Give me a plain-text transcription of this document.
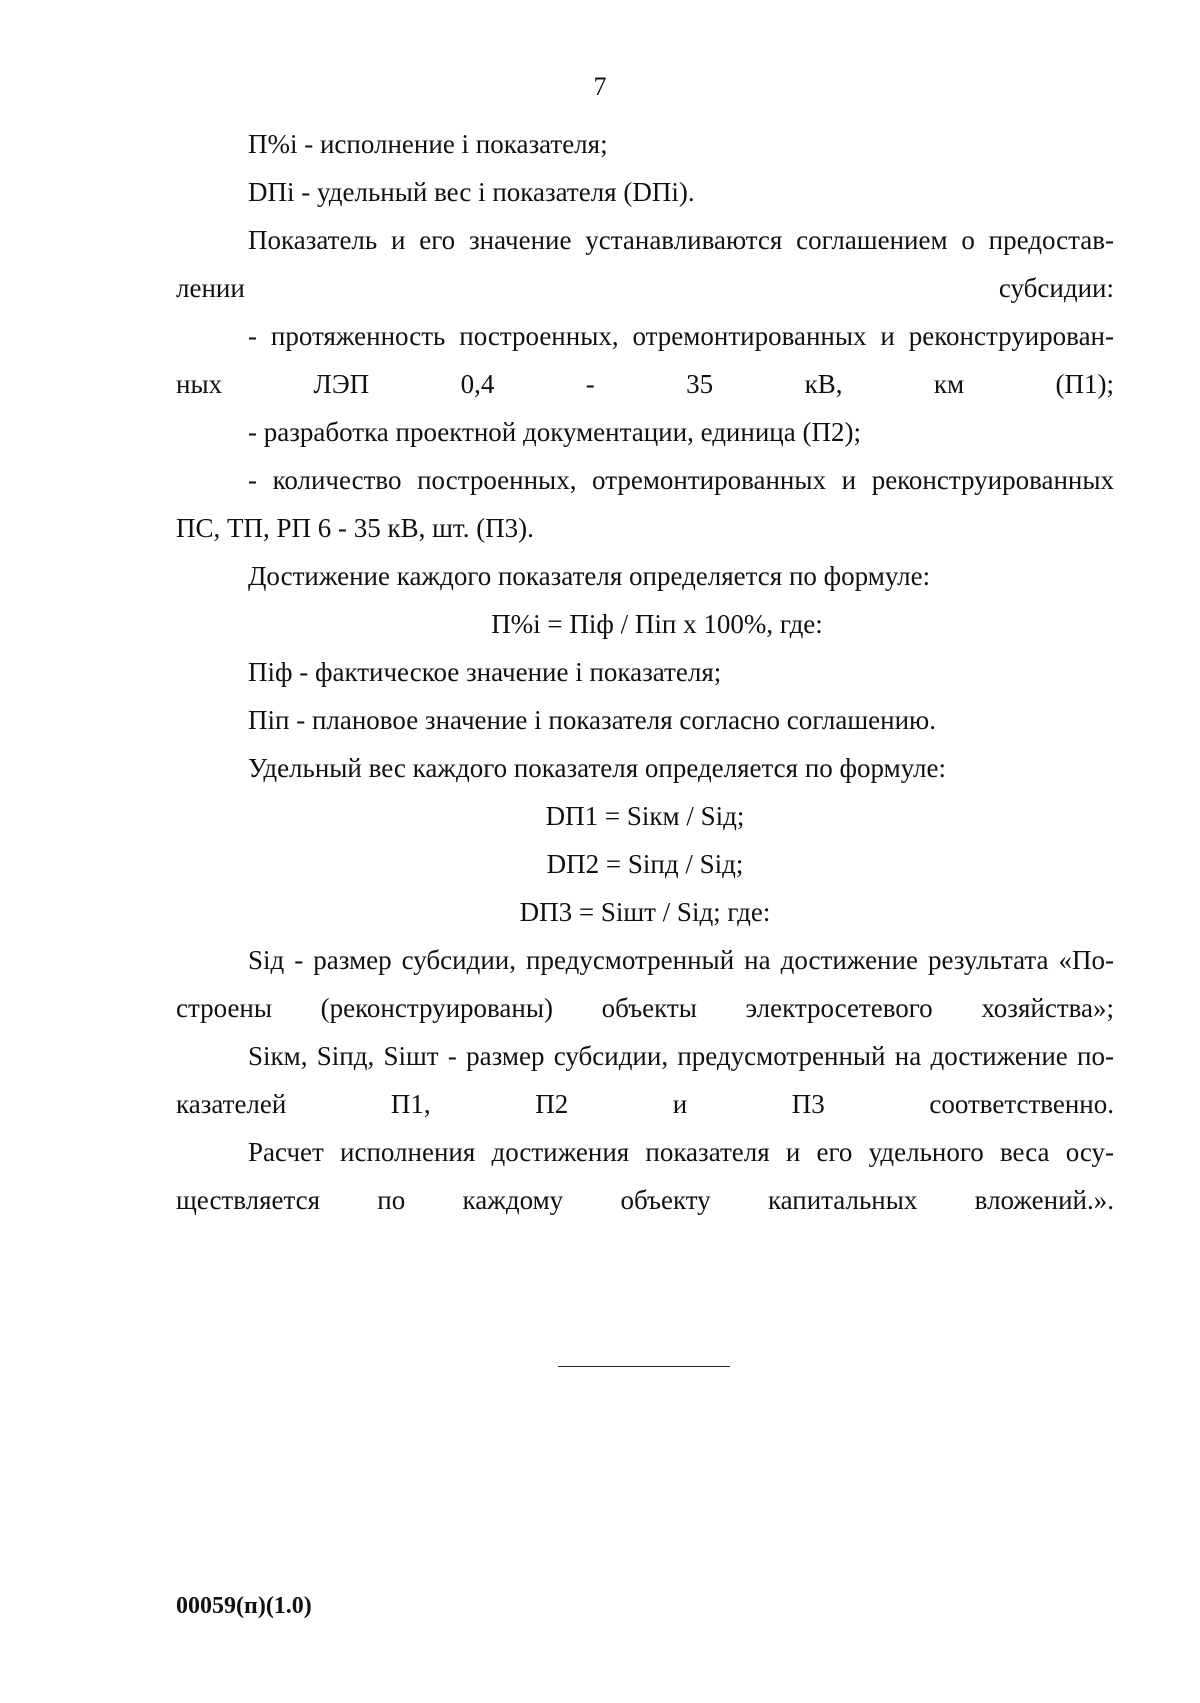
7

П%i - исполнение i показателя;

DПi - удельный вес i показателя (DПi).

Показатель и его значение устанавливаются соглашением о предостав-лении субсидии:

- протяженность построенных, отремонтированных и реконструирован-ных ЛЭП 0,4 - 35 кВ, км (П1);

- разработка проектной документации, единица (П2);

- количество построенных, отремонтированных и реконструированных ПС, ТП, РП 6 - 35 кВ, шт. (П3).

Достижение каждого показателя определяется по формуле:

П%i = Пiф / Пiп x 100%, где:

Пiф - фактическое значение i показателя;

Пiп - плановое значение i показателя согласно соглашению.

Удельный вес каждого показателя определяется по формуле:

DП1 = Siкм / Siд;

DП2 = Siпд / Siд;

DП3 = Siшт / Siд; где:

Siд - размер субсидии, предусмотренный на достижение результата «По-строены (реконструированы) объекты электросетевого хозяйства»;

Siкм, Siпд, Siшт - размер субсидии, предусмотренный на достижение по-казателей П1, П2 и П3 соответственно.

Расчет исполнения достижения показателя и его удельного веса осу-ществляется по каждому объекту капитальных вложений.».

00059(п)(1.0)
